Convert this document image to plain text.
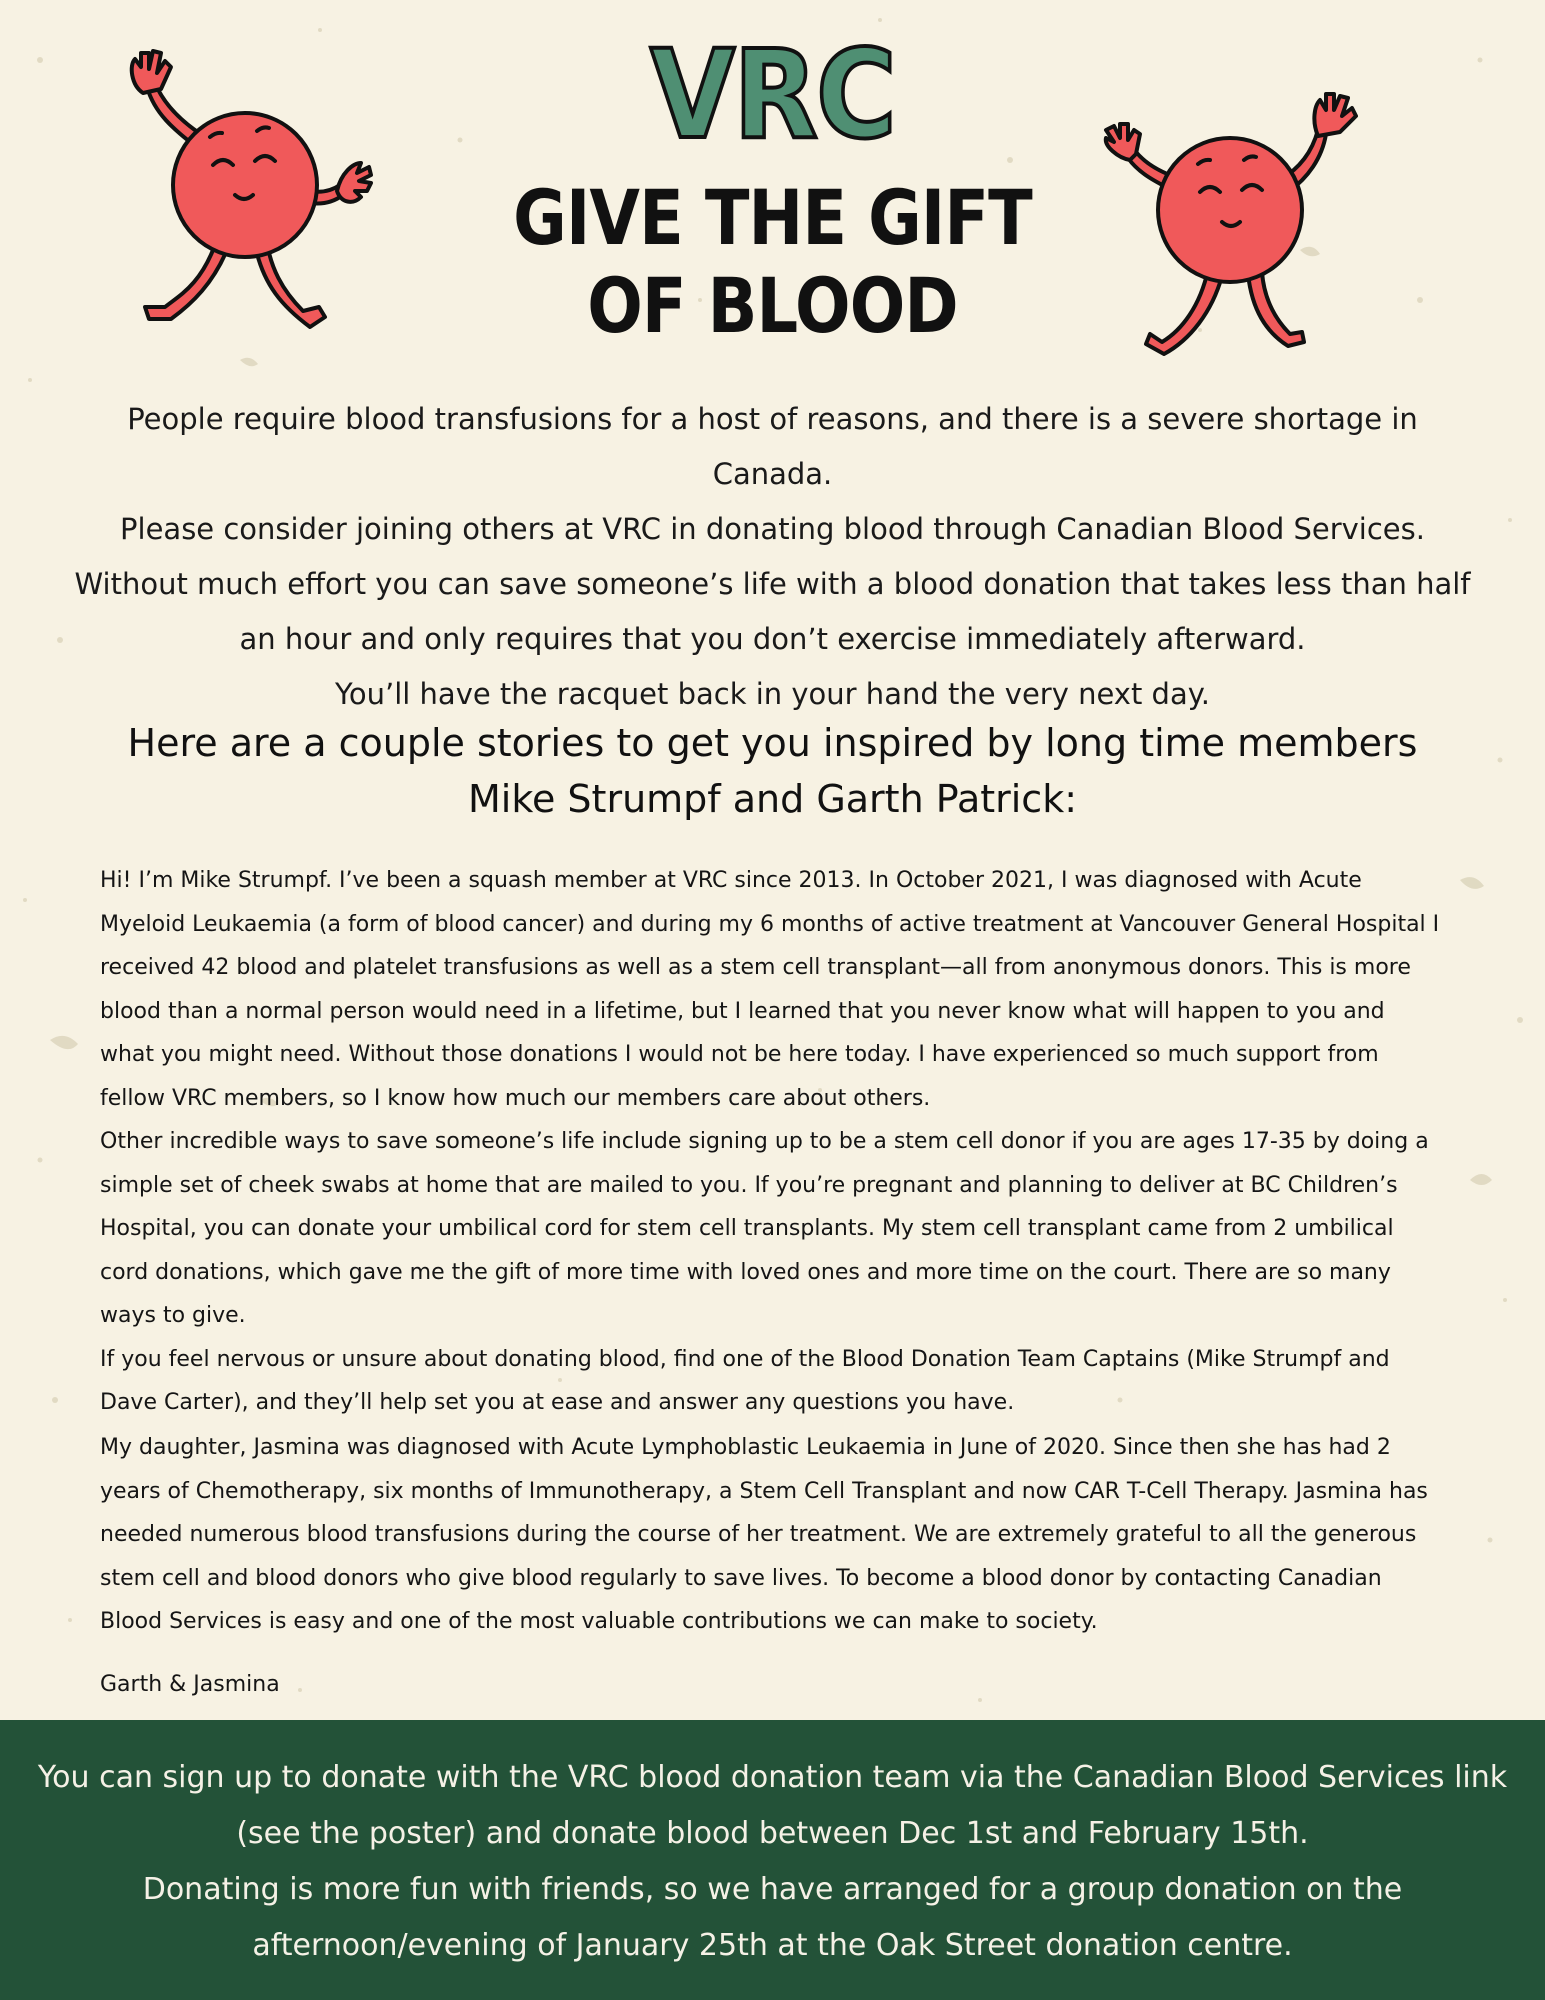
VRC
GIVE THE GIFT
OF BLOOD

People require blood transfusions for a host of reasons, and there is a severe shortage in Canada.

Please consider joining others at VRC in donating blood through Canadian Blood Services.

Without much effort you can save someone’s life with a blood donation that takes less than half

an hour and only requires that you don’t exercise immediately afterward.

You’ll have the racquet back in your hand the very next day.

Here are a couple stories to get you inspired by long time members

Mike Strumpf and Garth Patrick:

Hi! I’m Mike Strumpf. I’ve been a squash member at VRC since 2013. In October 2021, I was diagnosed with Acute Myeloid Leukaemia (a form of blood cancer) and during my 6 months of active treatment at Vancouver General Hospital I received 42 blood and platelet transfusions as well as a stem cell transplant—all from anonymous donors. This is more blood than a normal person would need in a lifetime, but I learned that you never know what will happen to you and what you might need. Without those donations I would not be here today. I have experienced so much support from fellow VRC members, so I know how much our members care about others.

Other incredible ways to save someone’s life include signing up to be a stem cell donor if you are ages 17-35 by doing a simple set of cheek swabs at home that are mailed to you. If you’re pregnant and planning to deliver at BC Children’s Hospital, you can donate your umbilical cord for stem cell transplants. My stem cell transplant came from 2 umbilical cord donations, which gave me the gift of more time with loved ones and more time on the court. There are so many ways to give.

If you feel nervous or unsure about donating blood, find one of the Blood Donation Team Captains (Mike Strumpf and Dave Carter), and they’ll help set you at ease and answer any questions you have.

My daughter, Jasmina was diagnosed with Acute Lymphoblastic Leukaemia in June of 2020. Since then she has had 2 years of Chemotherapy, six months of Immunotherapy, a Stem Cell Transplant and now CAR T-Cell Therapy. Jasmina has needed numerous blood transfusions during the course of her treatment. We are extremely grateful to all the generous stem cell and blood donors who give blood regularly to save lives. To become a blood donor by contacting Canadian Blood Services is easy and one of the most valuable contributions we can make to society.

Garth & Jasmina

You can sign up to donate with the VRC blood donation team via the Canadian Blood Services link

(see the poster) and donate blood between Dec 1st and February 15th.

Donating is more fun with friends, so we have arranged for a group donation on the

afternoon/evening of January 25th at the Oak Street donation centre.
